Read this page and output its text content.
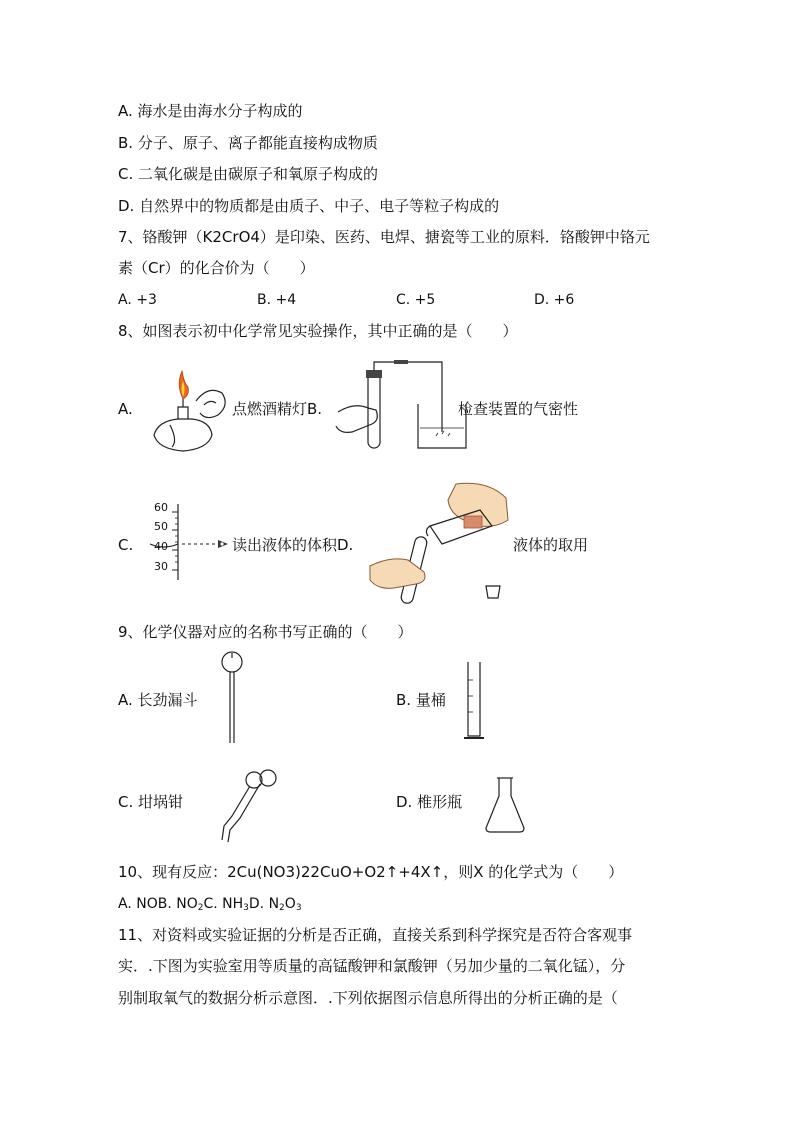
A. 海水是由海水分子构成的
B. 分子、原子、离子都能直接构成物质
C. 二氧化碳是由碳原子和氧原子构成的
D. 自然界中的物质都是由质子、中子、电子等粒子构成的
7、铬酸钾（K2CrO4）是印染、医药、电焊、搪瓷等工业的原料．铬酸钾中铬元
素（Cr）的化合价为（　　）
A. +3	B. +4	C. +5	D. +6
8、如图表示初中化学常见实验操作，其中正确的是（　　）
A.	点燃酒精灯B.	检查装置的气密性
C.
60
50
40
30
读出液体的体积D.	液体的取用
9、化学仪器对应的名称书写正确的（　　）
A. 长劲漏斗	B. 量桶
C. 坩埚钳	D. 椎形瓶
10、现有反应：2Cu(NO3)22CuO+O2↑+4X↑，则X 的化学式为（　　）
A. NOB. $NO_2C$. $NH_3D$. $N_2O_3$
11、对资料或实验证据的分析是否正确，直接关系到科学探究是否符合客观事
实．.下图为实验室用等质量的高锰酸钾和氯酸钾（另加少量的二氧化锰），分
别制取氧气的数据分析示意图．.下列依据图示信息所得出的分析正确的是（
